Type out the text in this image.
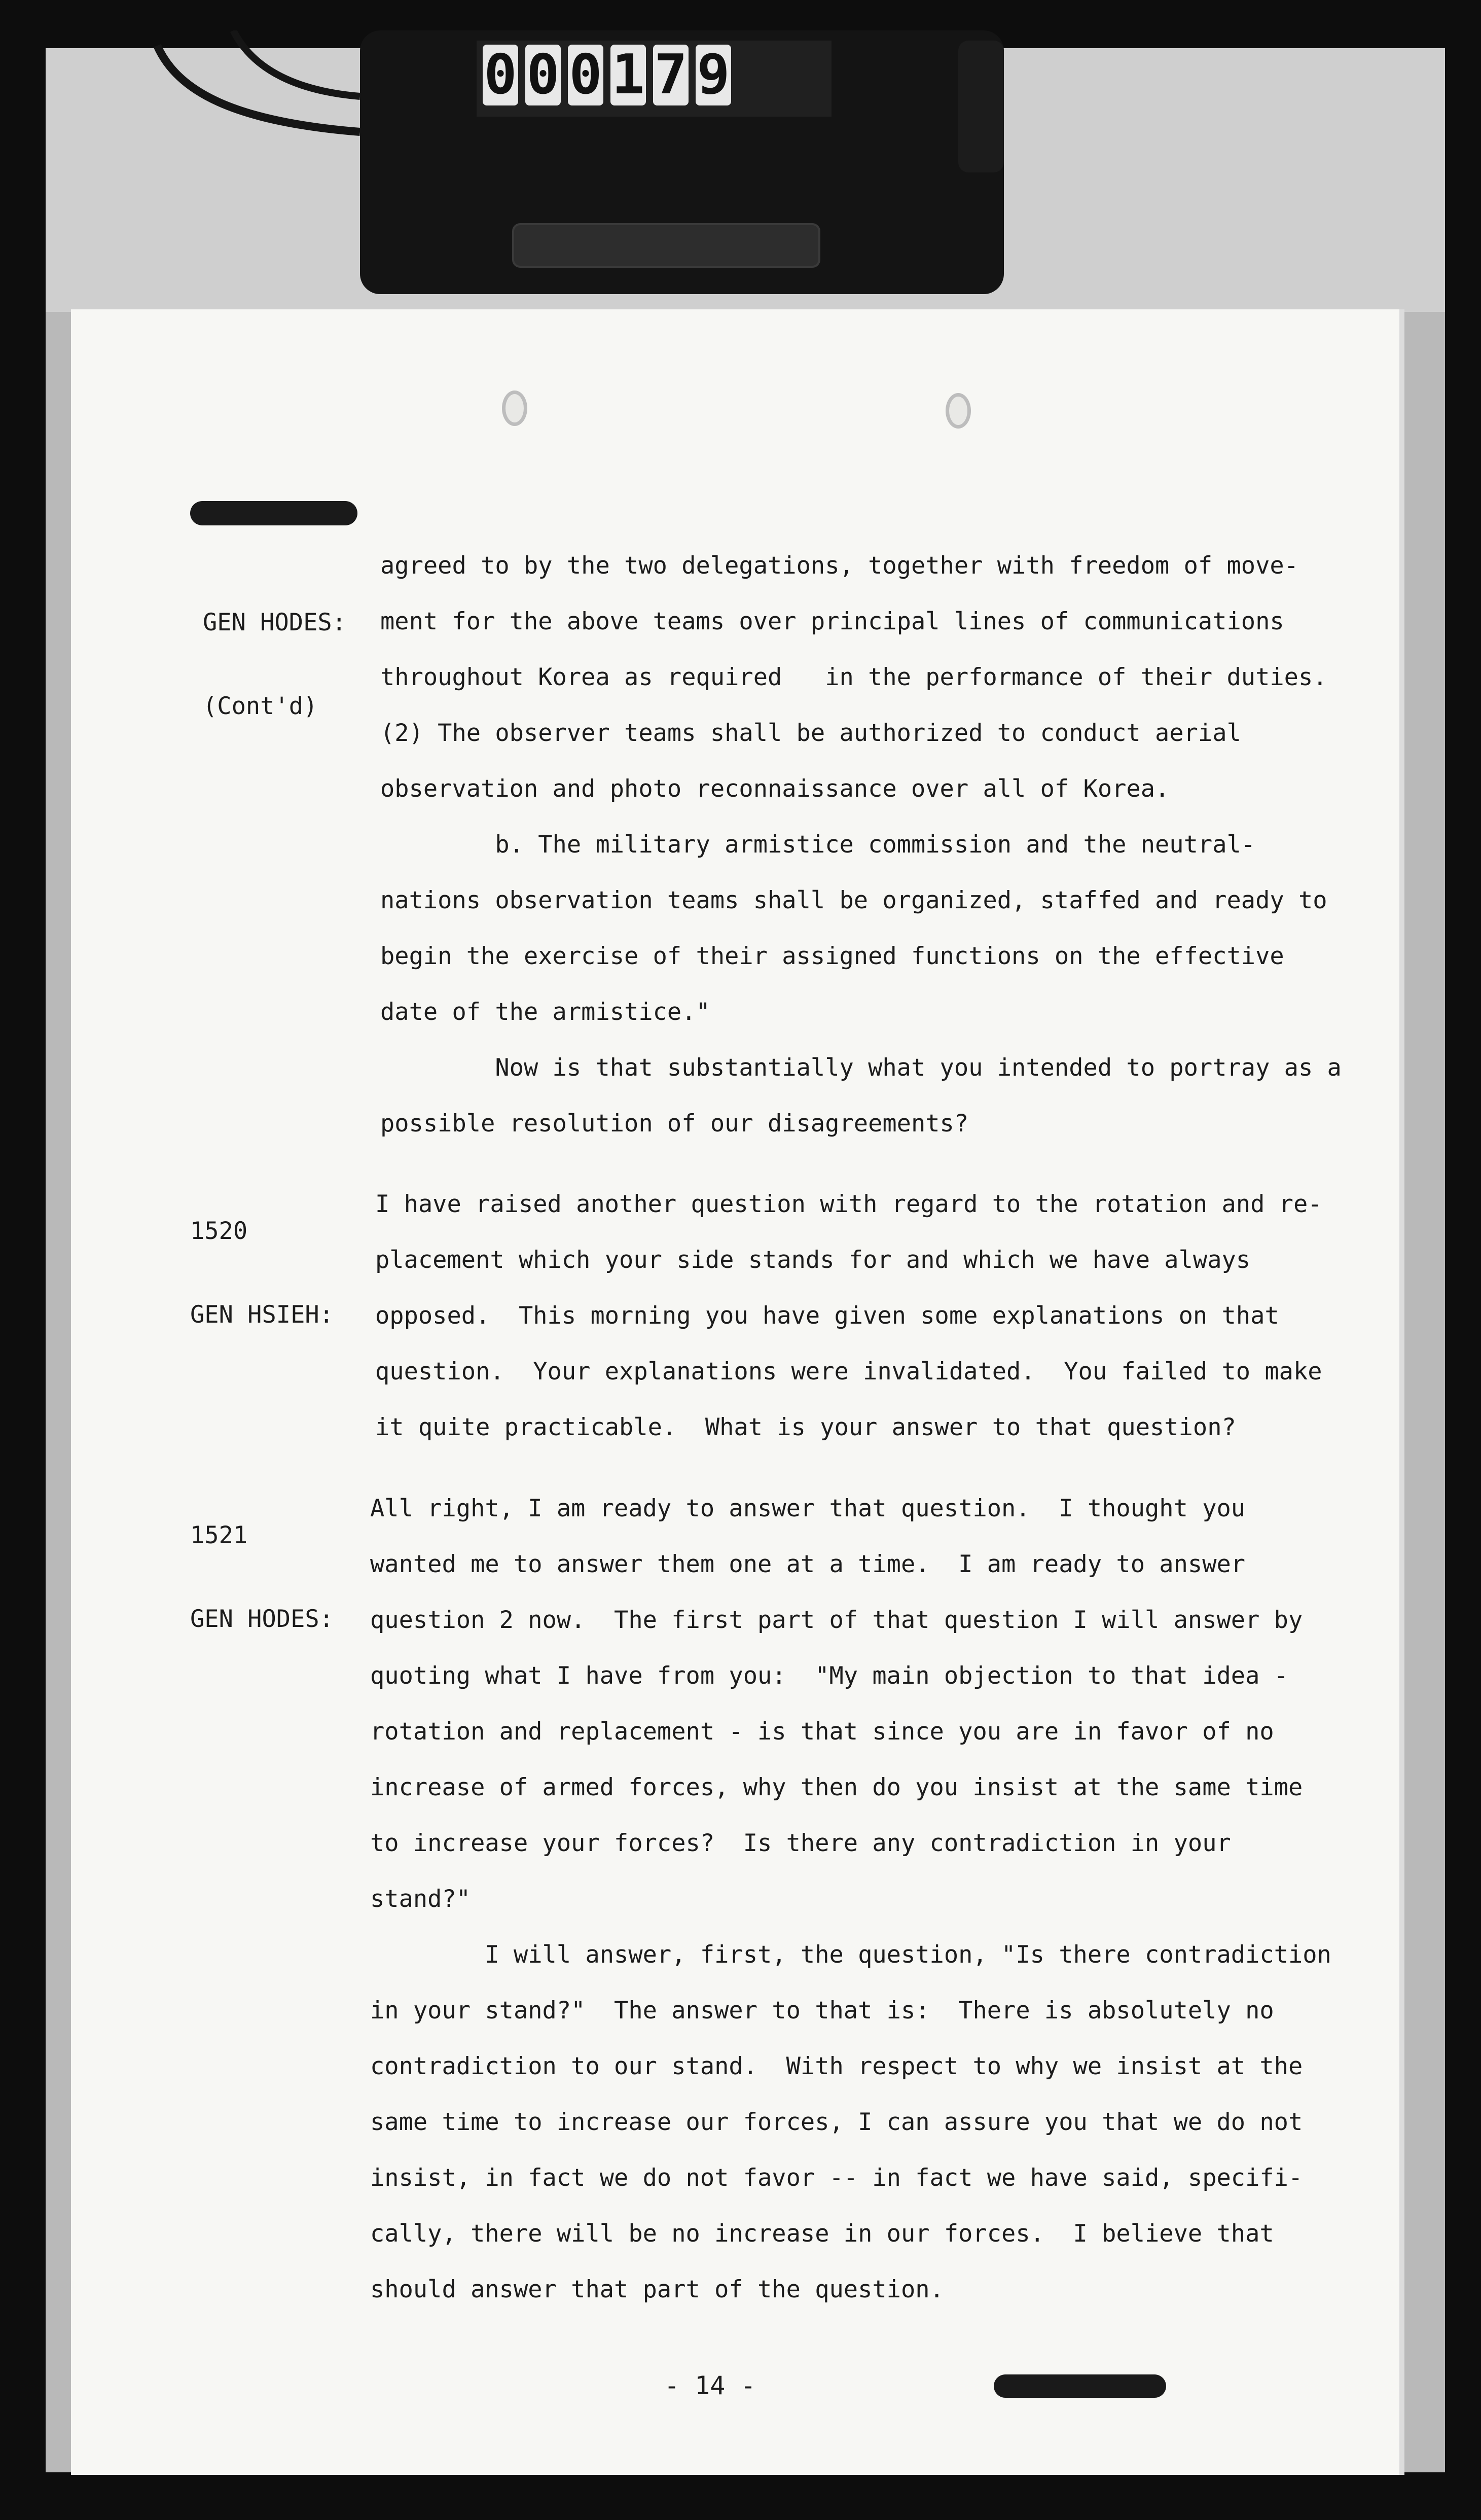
0 0 0 1 7 9

GEN HODES:

(Cont'd)

agreed to by the two delegations, together with freedom of move-
ment for the above teams over principal lines of communications
throughout Korea as required   in the performance of their duties.
(2) The observer teams shall be authorized to conduct aerial
observation and photo reconnaissance over all of Korea.
b. The military armistice commission and the neutral-
nations observation teams shall be organized, staffed and ready to
begin the exercise of their assigned functions on the effective
date of the armistice."
Now is that substantially what you intended to portray as a
possible resolution of our disagreements?

1520

GEN HSIEH:

I have raised another question with regard to the rotation and re-
placement which your side stands for and which we have always
opposed.  This morning you have given some explanations on that
question.  Your explanations were invalidated.  You failed to make
it quite practicable.  What is your answer to that question?

1521

GEN HODES:

All right, I am ready to answer that question.  I thought you
wanted me to answer them one at a time.  I am ready to answer
question 2 now.  The first part of that question I will answer by
quoting what I have from you:  "My main objection to that idea -
rotation and replacement - is that since you are in favor of no
increase of armed forces, why then do you insist at the same time
to increase your forces?  Is there any contradiction in your
stand?"
I will answer, first, the question, "Is there contradiction
in your stand?"  The answer to that is:  There is absolutely no
contradiction to our stand.  With respect to why we insist at the
same time to increase our forces, I can assure you that we do not
insist, in fact we do not favor -- in fact we have said, specifi-
cally, there will be no increase in our forces.  I believe that
should answer that part of the question.
- 14 -
